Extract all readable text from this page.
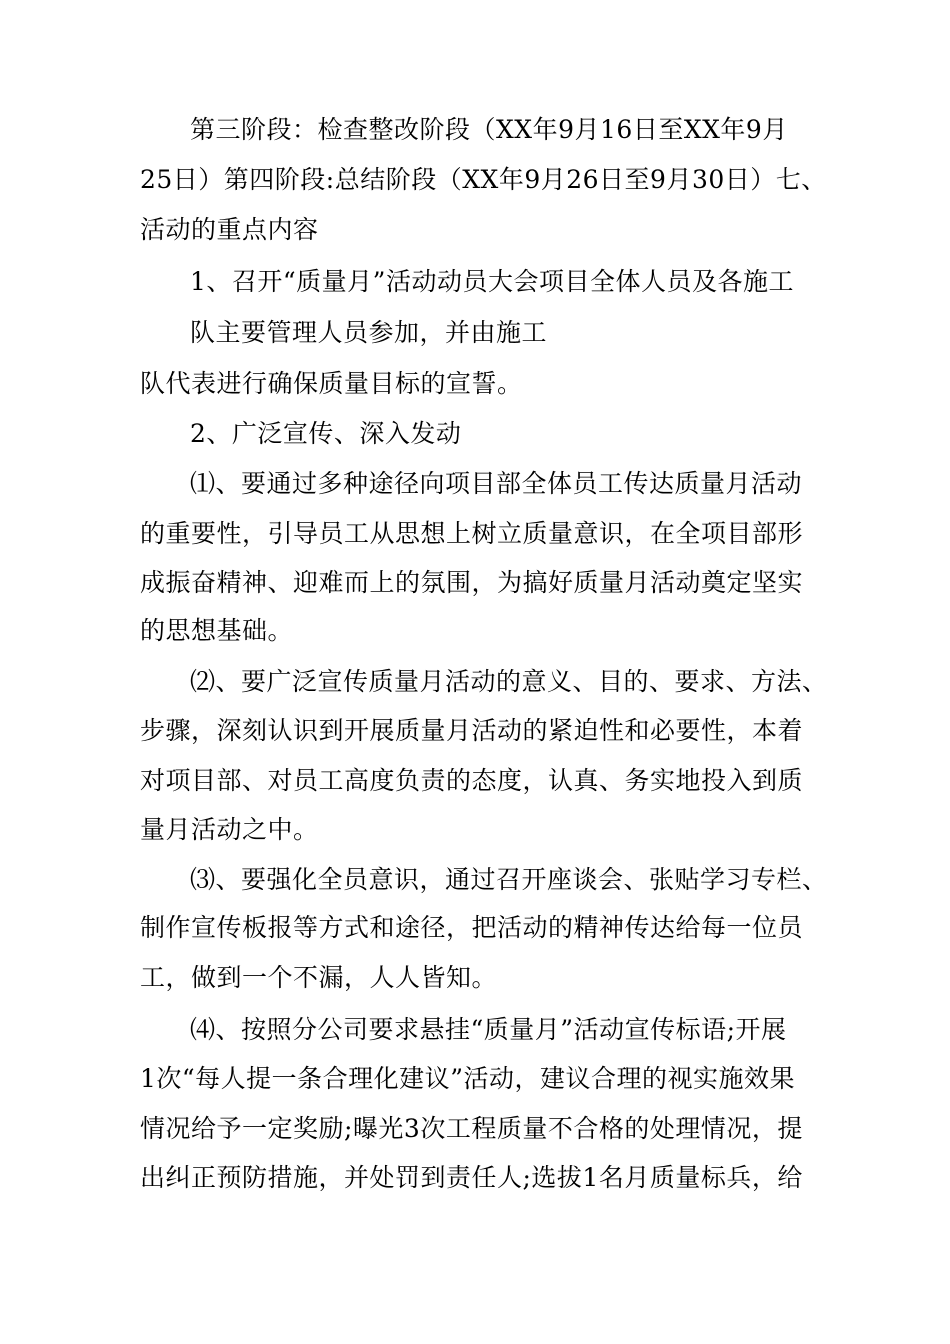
第三阶段：检查整改阶段（XX年9月16日至XX年9月
25日）第四阶段:总结阶段（XX年9月26日至9月30日）七、
活动的重点内容
1、召开“质量月”活动动员大会项目全体人员及各施工
队主要管理人员参加，并由施工
队代表进行确保质量目标的宣誓。
2、广泛宣传、深入发动
⑴、要通过多种途径向项目部全体员工传达质量月活动
的重要性，引导员工从思想上树立质量意识，在全项目部形
成振奋精神、迎难而上的氛围，为搞好质量月活动奠定坚实
的思想基础。
⑵、要广泛宣传质量月活动的意义、目的、要求、方法、
步骤，深刻认识到开展质量月活动的紧迫性和必要性，本着
对项目部、对员工高度负责的态度，认真、务实地投入到质
量月活动之中。
⑶、要强化全员意识，通过召开座谈会、张贴学习专栏、
制作宣传板报等方式和途径，把活动的精神传达给每一位员
工，做到一个不漏，人人皆知。
⑷、按照分公司要求悬挂“质量月”活动宣传标语;开展
1次“每人提一条合理化建议”活动，建议合理的视实施效果
情况给予一定奖励;曝光3次工程质量不合格的处理情况，提
出纠正预防措施，并处罚到责任人;选拔1名月质量标兵，给
